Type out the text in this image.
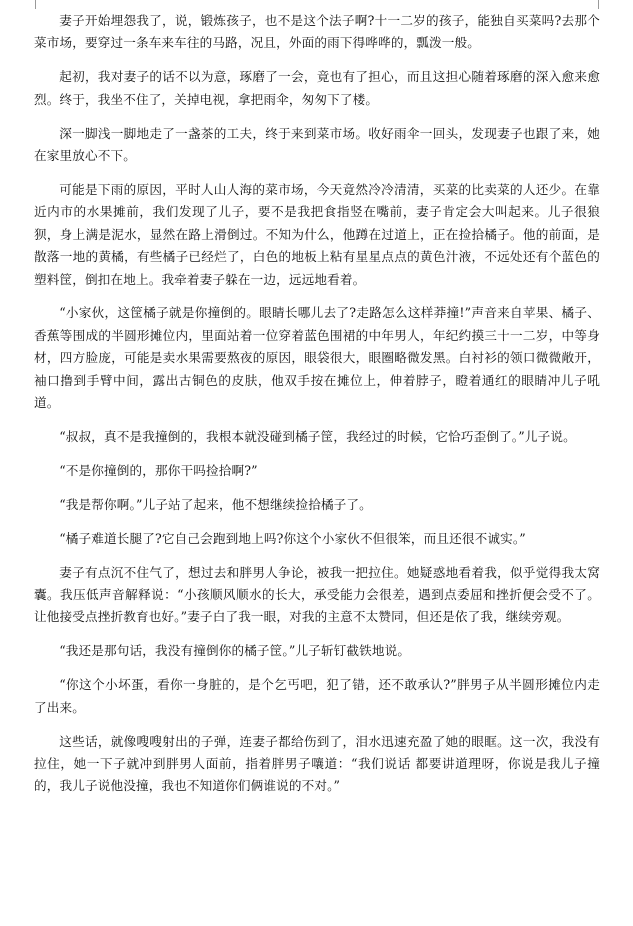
妻子开始埋怨我了，说，锻炼孩子，也不是这个法子啊?十一二岁的孩子，能独自买菜吗?去那个菜市场，要穿过一条车来车往的马路，况且，外面的雨下得哗哗的，瓢泼一般。

起初，我对妻子的话不以为意，琢磨了一会，竟也有了担心，而且这担心随着琢磨的深入愈来愈烈。终于，我坐不住了，关掉电视，拿把雨伞，匆匆下了楼。

深一脚浅一脚地走了一盏茶的工夫，终于来到菜市场。收好雨伞一回头，发现妻子也跟了来，她在家里放心不下。

可能是下雨的原因，平时人山人海的菜市场，今天竟然冷冷清清，买菜的比卖菜的人还少。在靠近内市的水果摊前，我们发现了儿子，要不是我把食指竖在嘴前，妻子肯定会大叫起来。儿子很狼狈，身上满是泥水，显然在路上滑倒过。不知为什么，他蹲在过道上，正在捡拾橘子。他的前面，是散落一地的黄橘，有些橘子已经烂了，白色的地板上粘有星星点点的黄色汁液，不远处还有个蓝色的塑料筐，倒扣在地上。我牵着妻子躲在一边，远远地看着。

“小家伙，这筐橘子就是你撞倒的。眼睛长哪儿去了?走路怎么这样莽撞!”声音来自苹果、橘子、香蕉等围成的半圆形摊位内，里面站着一位穿着蓝色围裙的中年男人，年纪约摸三十一二岁，中等身材，四方脸庞，可能是卖水果需要熬夜的原因，眼袋很大，眼圈略微发黑。白衬衫的领口微微敞开，袖口撸到手臂中间，露出古铜色的皮肤，他双手按在摊位上，伸着脖子，瞪着通红的眼睛冲儿子吼道。

“叔叔，真不是我撞倒的，我根本就没碰到橘子筐，我经过的时候，它恰巧歪倒了。”儿子说。

“不是你撞倒的，那你干吗捡拾啊?”

“我是帮你啊。”儿子站了起来，他不想继续捡拾橘子了。

“橘子难道长腿了?它自己会跑到地上吗?你这个小家伙不但很笨，而且还很不诚实。”

妻子有点沉不住气了，想过去和胖男人争论，被我一把拉住。她疑惑地看着我，似乎觉得我太窝囊。我压低声音解释说：“小孩顺风顺水的长大，承受能力会很差，遇到点委屈和挫折便会受不了。让他接受点挫折教育也好。”妻子白了我一眼，对我的主意不太赞同，但还是依了我，继续旁观。

“我还是那句话，我没有撞倒你的橘子筐。”儿子斩钉截铁地说。

“你这个小坏蛋，看你一身脏的，是个乞丐吧，犯了错，还不敢承认?”胖男子从半圆形摊位内走了出来。

这些话，就像嗖嗖射出的子弹，连妻子都给伤到了，泪水迅速充盈了她的眼眶。这一次，我没有拉住，她一下子就冲到胖男人面前，指着胖男子嚷道：“我们说话 都要讲道理呀，你说是我儿子撞的，我儿子说他没撞，我也不知道你们俩谁说的不对。”
